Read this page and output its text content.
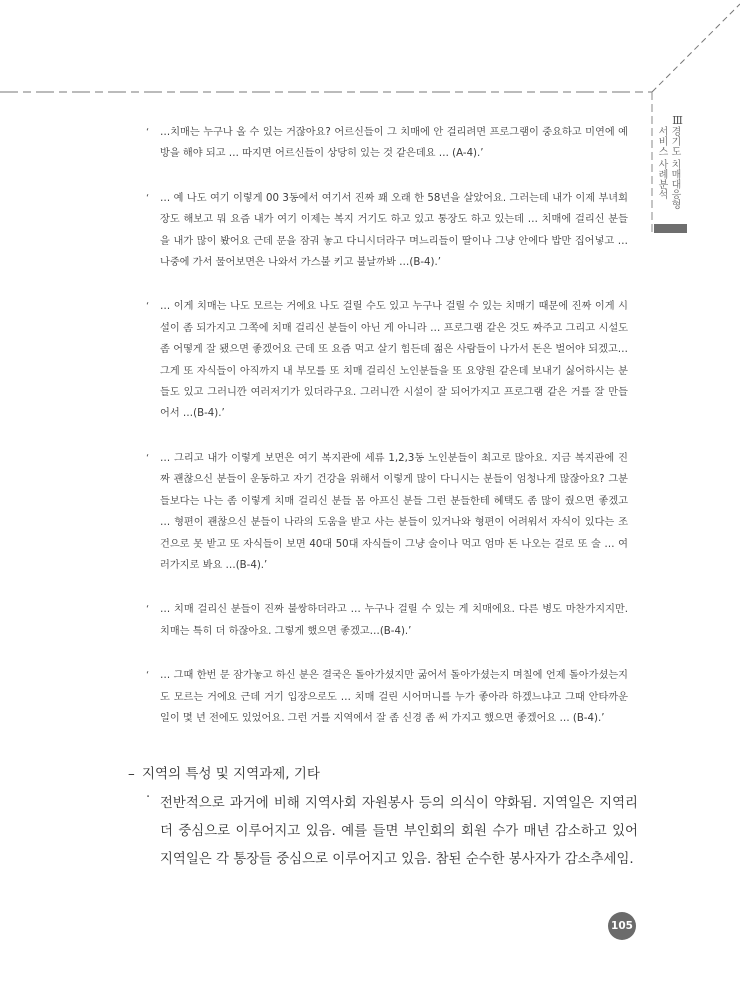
Ⅲ
경기도 치매대응형
서비스 사례분석
‘	…치매는 누구나 올 수 있는 거잖아요? 어르신들이 그 치매에 안 걸리려면 프로그램이 중요하고 미연에 예방을 해야 되고 … 따지면 어르신들이 상당히 있는 것 같은데요 … (A-4).’
‘	… 예 나도 여기 이렇게 00 3동에서 여기서 진짜 꽤 오래 한 58년을 살았어요. 그러는데 내가 이제 부녀회장도 해보고 뭐 요즘 내가 여기 이제는 복지 거기도 하고 있고 통장도 하고 있는데 … 치매에 걸리신 분들을 내가 많이 봤어요 근데 문을 잠궈 놓고 다니시더라구 며느리들이 딸이나 그냥 안에다 밥만 집어넣고 … 나중에 가서 물어보면은 나와서 가스불 키고 불날까봐 …(B-4).’
‘	… 이게 치매는 나도 모르는 거에요 나도 걸릴 수도 있고 누구나 걸릴 수 있는 치매기 때문에 진짜 이게 시설이 좀 되가지고 그쪽에 치매 걸리신 분들이 아닌 게 아니라 … 프로그램 같은 것도 짜주고 그리고 시설도 좀 어떻게 잘 됐으면 좋겠어요 근데 또 요즘 먹고 살기 힘든데 젊은 사람들이 나가서 돈은 벌어야 되겠고… 그게 또 자식들이 아직까지 내 부모를 또 치매 걸리신 노인분들을 또 요양원 같은데 보내기 싫어하시는 분들도 있고 그러니깐 여러저기가 있더라구요. 그러니깐 시설이 잘 되어가지고 프로그램 같은 거를 잘 만들어서 …(B-4).’
‘	… 그리고 내가 이렇게 보면은 여기 복지관에 세류 1,2,3동 노인분들이 최고로 많아요. 지금 복지관에 진짜 괜찮으신 분들이 운동하고 자기 건강을 위해서 이렇게 많이 다니시는 분들이 엄청나게 많잖아요? 그분들보다는 나는 좀 이렇게 치매 걸리신 분들 몸 아프신 분들 그런 분들한테 혜택도 좀 많이 줬으면 좋겠고 … 형편이 괜찮으신 분들이 나라의 도움을 받고 사는 분들이 있거나와 형편이 어려워서 자식이 있다는 조건으로 못 받고 또 자식들이 보면 40대 50대 자식들이 그냥 술이나 먹고 엄마 돈 나오는 걸로 또 술 … 여러가지로 봐요 …(B-4).’
‘	… 치매 걸리신 분들이 진짜 불쌍하더라고 … 누구나 걸릴 수 있는 게 치매에요. 다른 병도 마찬가지지만. 치매는 특히 더 하잖아요. 그렇게 했으면 좋겠고…(B-4).’
‘	… 그때 한번 문 잠가놓고 하신 분은 결국은 돌아가셨지만 굶어서 돌아가셨는지 며칠에 언제 돌아가셨는지도 모르는 거에요 근데 거기 입장으로도 … 치매 걸린 시어머니를 누가 좋아라 하겠느냐고 그때 안타까운 일이 몇 년 전에도 있었어요. 그런 거를 지역에서 잘 좀 신경 좀 써 가지고 했으면 좋겠어요 … (B-4).’
– 지역의 특성 및 지역과제, 기타
· 전반적으로 과거에 비해 지역사회 자원봉사 등의 의식이 약화됨. 지역일은 지역리더 중심으로 이루어지고 있음. 예를 들면 부인회의 회원 수가 매년 감소하고 있어 지역일은 각 통장들 중심으로 이루어지고 있음. 참된 순수한 봉사자가 감소추세임.
105
